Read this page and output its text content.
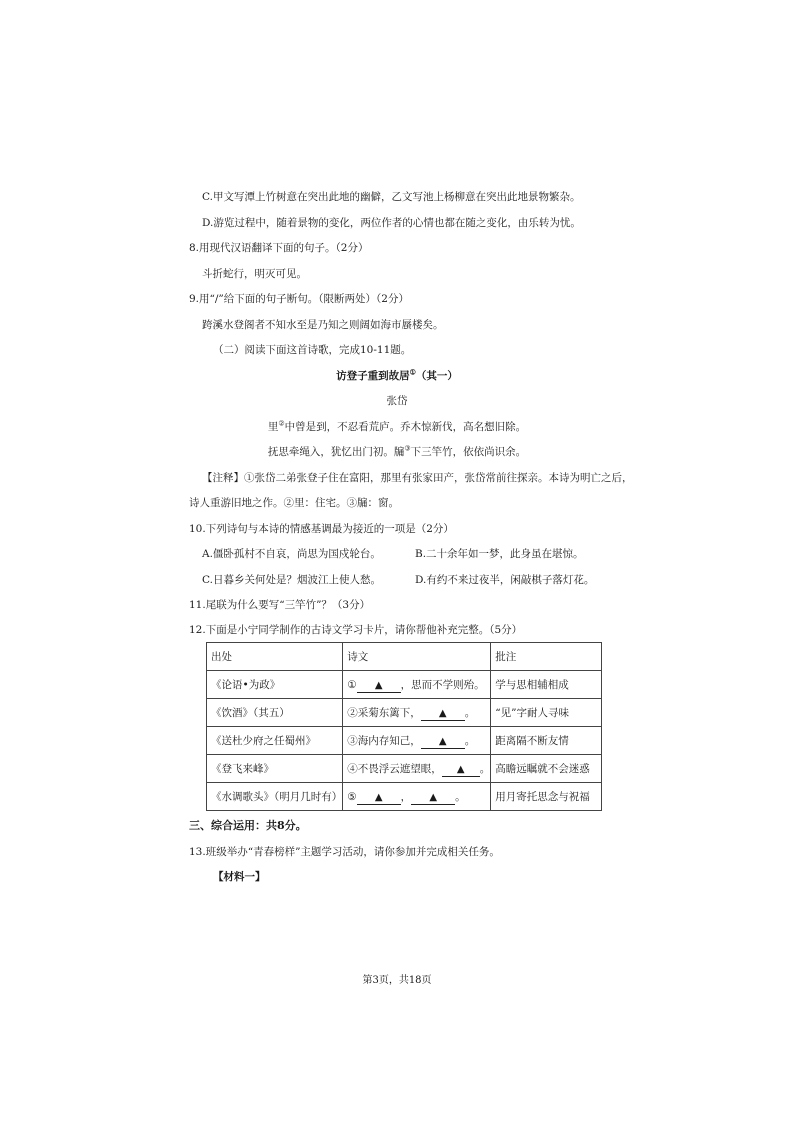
C.甲文写潭上竹树意在突出此地的幽僻，乙文写池上杨柳意在突出此地景物繁杂。
D.游览过程中，随着景物的变化，两位作者的心情也都在随之变化，由乐转为忧。
8.用现代汉语翻译下面的句子。（2分）
斗折蛇行，明灭可见。
9.用“/”给下面的句子断句。（限断两处）（2分）
跨溪水登阁者不知水至是乃知之则阔如海市蜃楼矣。
（二）阅读下面这首诗歌，完成10-11题。
访登子重到故居①（其一）
张岱
里②中曾是到，不忍看荒庐。乔木惊新伐，高名想旧除。
抚思牵绳入，犹忆出门初。牖③下三竿竹，依依尚识余。
【注释】①张岱二弟张登子住在富阳，那里有张家田产，张岱常前往探亲。本诗为明亡之后，
诗人重游旧地之作。②里：住宅。③牖：窗。
10.下列诗句与本诗的情感基调最为接近的一项是（2分）
A.僵卧孤村不自哀，尚思为国戍轮台。	B.二十余年如一梦，此身虽在堪惊。
C.日暮乡关何处是？烟波江上使人愁。	D.有约不来过夜半，闲敲棋子落灯花。
11.尾联为什么要写“三竿竹”？（3分）
12.下面是小宁同学制作的古诗文学习卡片，请你帮他补充完整。（5分）
出处	诗文	批注
《论语•为政》	① ▲ ，思而不学则殆。	学与思相辅相成
《饮酒》（其五）	②采菊东篱下， ▲ 。	“见”字耐人寻味
《送杜少府之任蜀州》	③海内存知己， ▲ 。	距离隔不断友情
《登飞来峰》	④不畏浮云遮望眼， ▲ 。	高瞻远瞩就不会迷惑
《水调歌头》（明月几时有）	⑤ ▲ ， ▲ 。	用月寄托思念与祝福
三、综合运用：共8分。
13.班级举办“青春榜样”主题学习活动，请你参加并完成相关任务。
【材料一】
第3页，共18页
